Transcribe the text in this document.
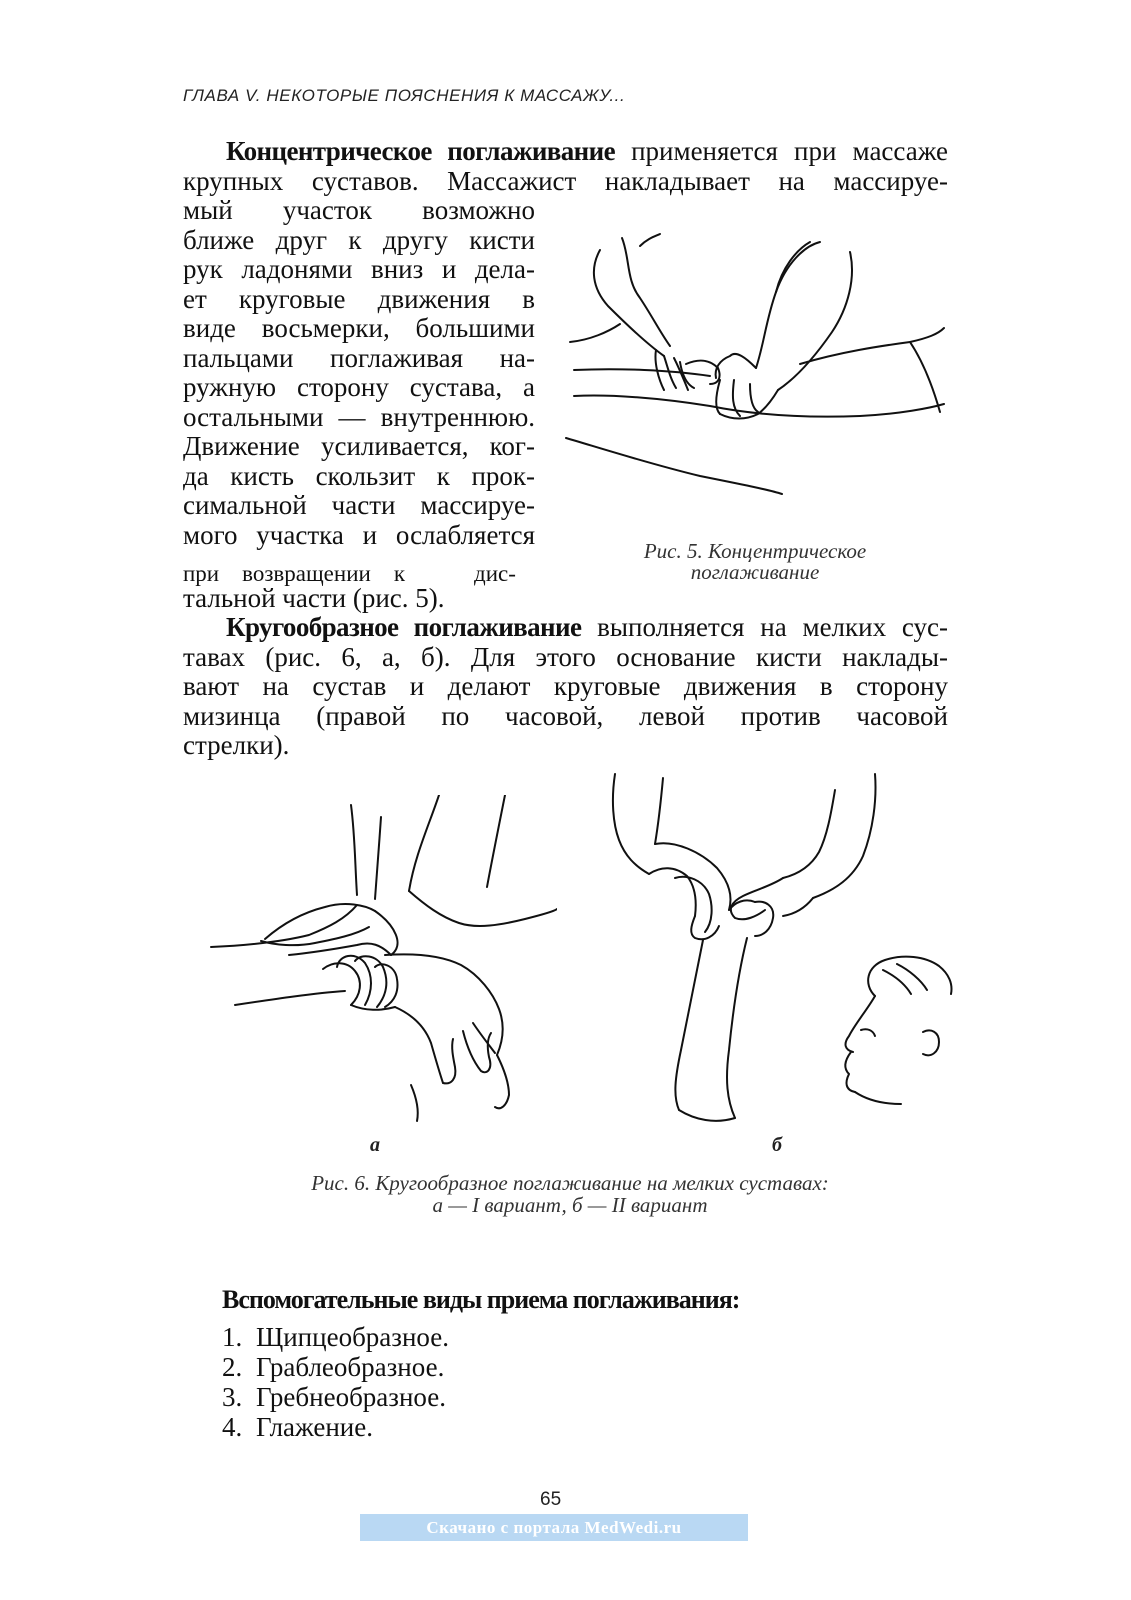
ГЛАВА V. НЕКОТОРЫЕ ПОЯСНЕНИЯ К МАССАЖУ...
Концентрическое поглаживание применяется при массаже
крупных суставов. Массажист накладывает на массируе-
мый участок возможно
ближе друг к другу кисти
рук ладонями вниз и дела-
ет круговые движения в
виде восьмерки, большими
пальцами поглаживая на-
ружную сторону сустава, а
остальными — внутреннюю.
Движение усиливается, ког-
да кисть скользит к прок-
симальной части массируе-
мого участка и ослабляется
при    возвращении    к            дис-
тальной части (рис. 5).
Рис. 5. Концентрическое
поглаживание
Кругообразное поглаживание выполняется на мелких сус-
тавах (рис. 6, а, б). Для этого основание кисти наклады-
вают на сустав и делают круговые движения в сторону
мизинца (правой по часовой, левой против часовой
стрелки).
а	б
Рис. 6. Кругообразное поглаживание на мелких суставах:
а — I вариант, б — II вариант
Вспомогательные виды приема поглаживания:
1. Щипцеобразное.
2. Граблеобразное.
3. Гребнеобразное.
4. Глажение.
65
Скачано с портала MedWedi.ru
